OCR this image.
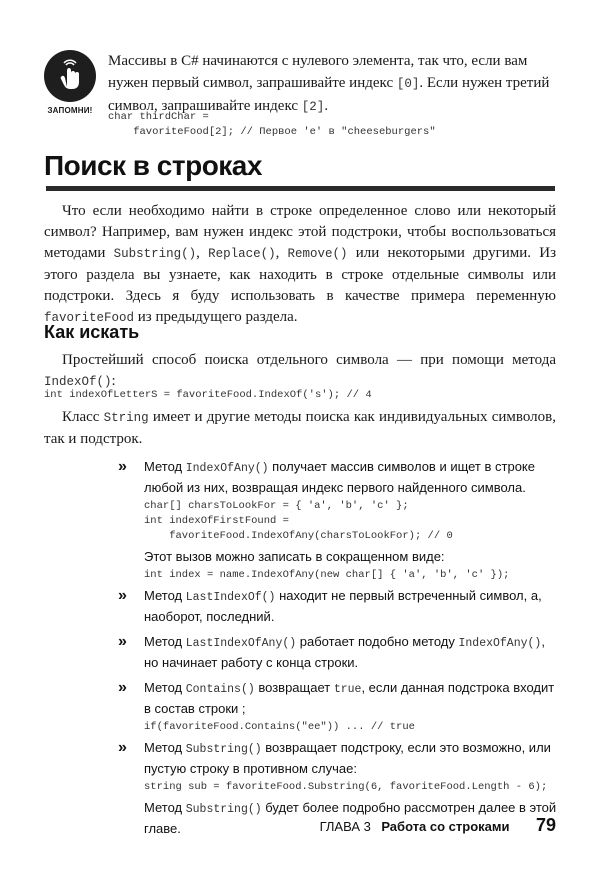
ЗАПОМНИ!
Массивы в С# начинаются с нулевого элемента, так что, если вам нужен первый символ, запрашивайте индекс [0]. Если нужен третий символ, запрашивайте индекс [2].
char thirdChar =
favoriteFood[2]; // Первое 'е' в "cheeseburgers"
Поиск в строках

Что если необходимо найти в строке определенное слово или некоторый символ? Например, вам нужен индекс этой подстроки, чтобы воспользоваться методами Substring(), Replace(), Remove() или некоторыми другими. Из этого раздела вы узнаете, как находить в строке отдельные символы или подстроки. Здесь я буду использовать в качестве примера переменную favoriteFood из предыдущего раздела.

Как искать

Простейший способ поиска отдельного символа — при помощи метода IndexOf():

int indexOfLetterS = favoriteFood.IndexOf('s'); // 4

Класс String имеет и другие методы поиска как индивидуальных символов, так и подстрок.

» Метод IndexOfAny() получает массив символов и ищет в строке любой из них, возвращая индекс первого найденного символа.
char[] charsToLookFor = { 'a', 'b', 'c' };
int indexOfFirstFound =
favoriteFood.IndexOfAny(charsToLookFor); // 0
Этот вызов можно записать в сокращенном виде:
int index = name.IndexOfAny(new char[] { 'a', 'b', 'c' });
» Метод LastIndexOf() находит не первый встреченный символ, а, наоборот, последний.
» Метод LastIndexOfAny() работает подобно методу IndexOfAny(), но начинает работу с конца строки.
» Метод Contains() возвращает true, если данная подстрока входит в состав строки ;
if(favoriteFood.Contains("ee")) ... // true
» Метод Substring() возвращает подстроку, если это возможно, или пустую строку в противном случае:
string sub = favoriteFood.Substring(6, favoriteFood.Length - 6);
Метод Substring() будет более подробно рассмотрен далее в этой главе.	ГЛАВА 3 Работа со строками 79
